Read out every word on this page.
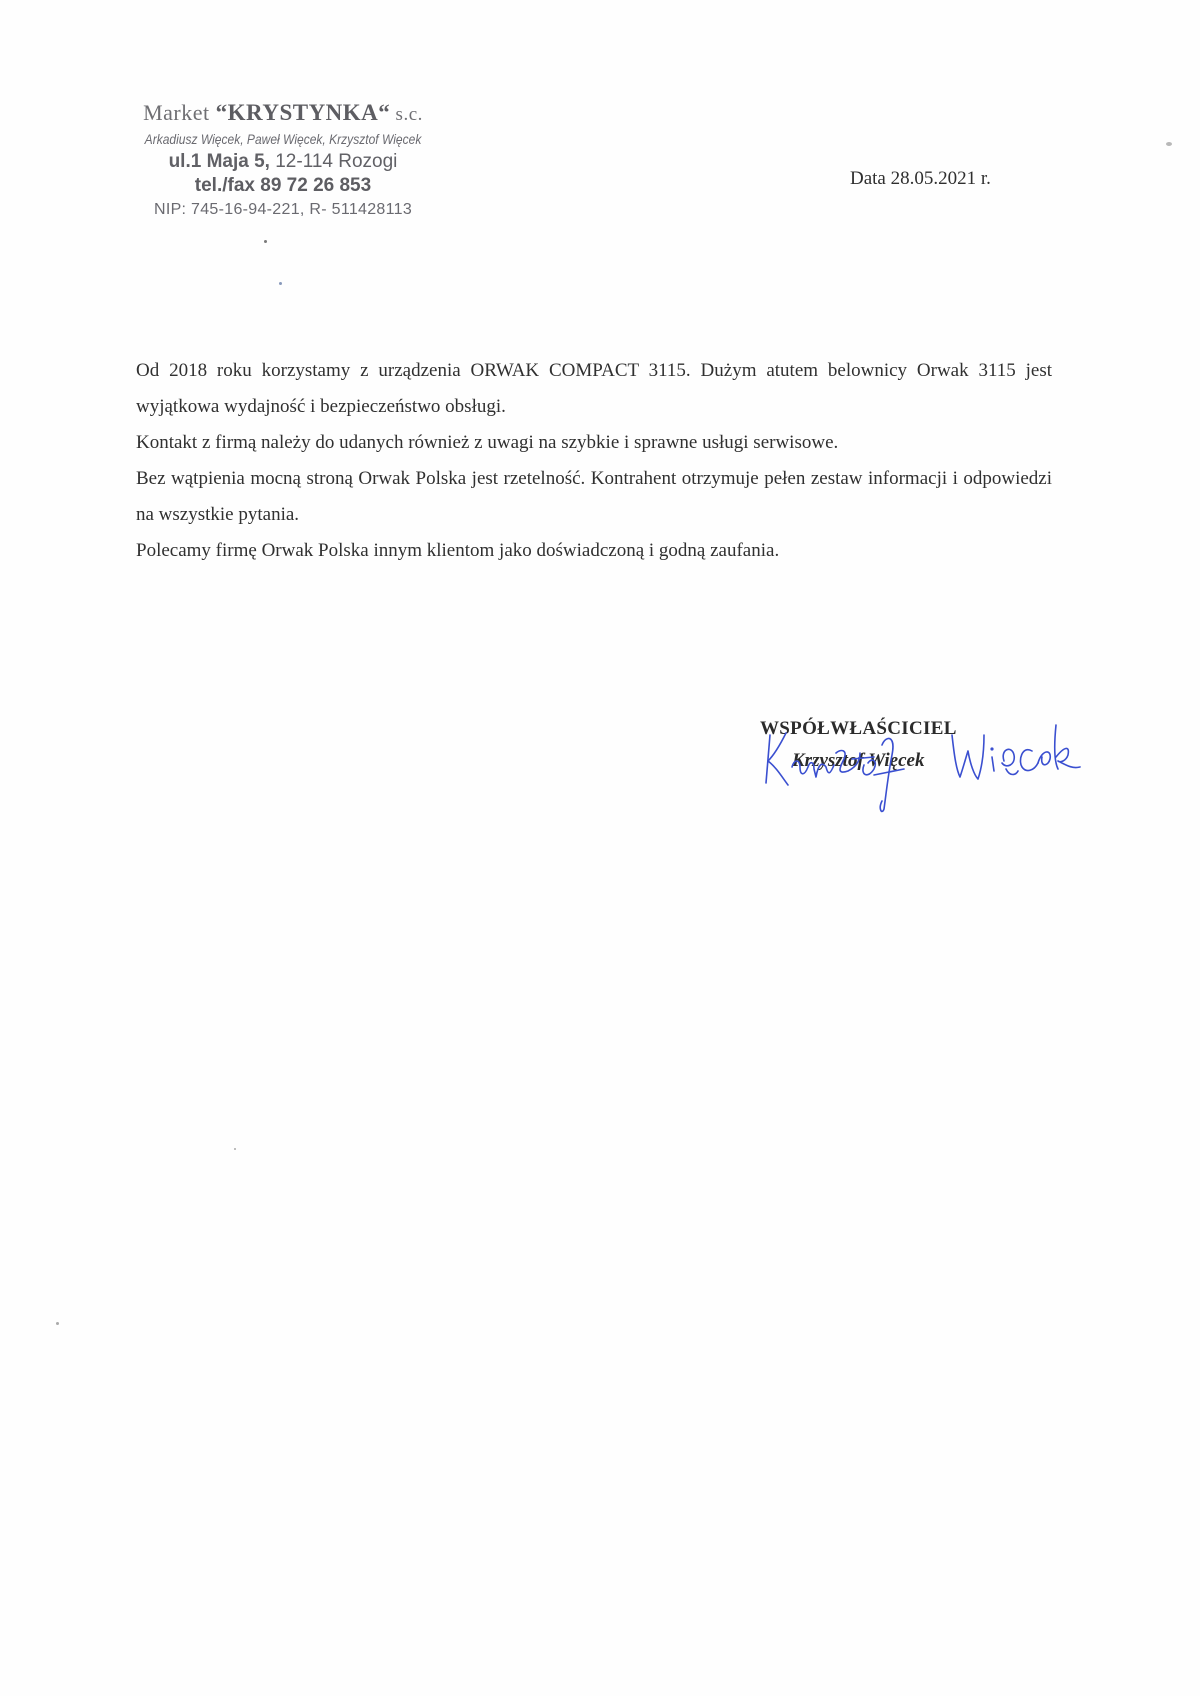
Market “KRYSTYNKA“ s.c.
Arkadiusz Więcek, Paweł Więcek, Krzysztof Więcek
ul.1 Maja 5, 12-114 Rozogi
tel./fax 89 72 26 853
NIP: 745-16-94-221, R- 511428113
Data 28.05.2021 r.

Od 2018 roku korzystamy z urządzenia ORWAK COMPACT 3115. Dużym atutem belownicy Orwak 3115 jest wyjątkowa wydajność i bezpieczeństwo obsługi.

Kontakt z firmą należy do udanych również z uwagi na szybkie i sprawne usługi serwisowe.

Bez wątpienia mocną stroną Orwak Polska jest rzetelność. Kontrahent otrzymuje pełen zestaw informacji i odpowiedzi na wszystkie pytania.

Polecamy firmę Orwak Polska innym klientom jako doświadczoną i godną zaufania.

WSPÓŁWŁAŚCICIEL
Krzysztof Więcek
